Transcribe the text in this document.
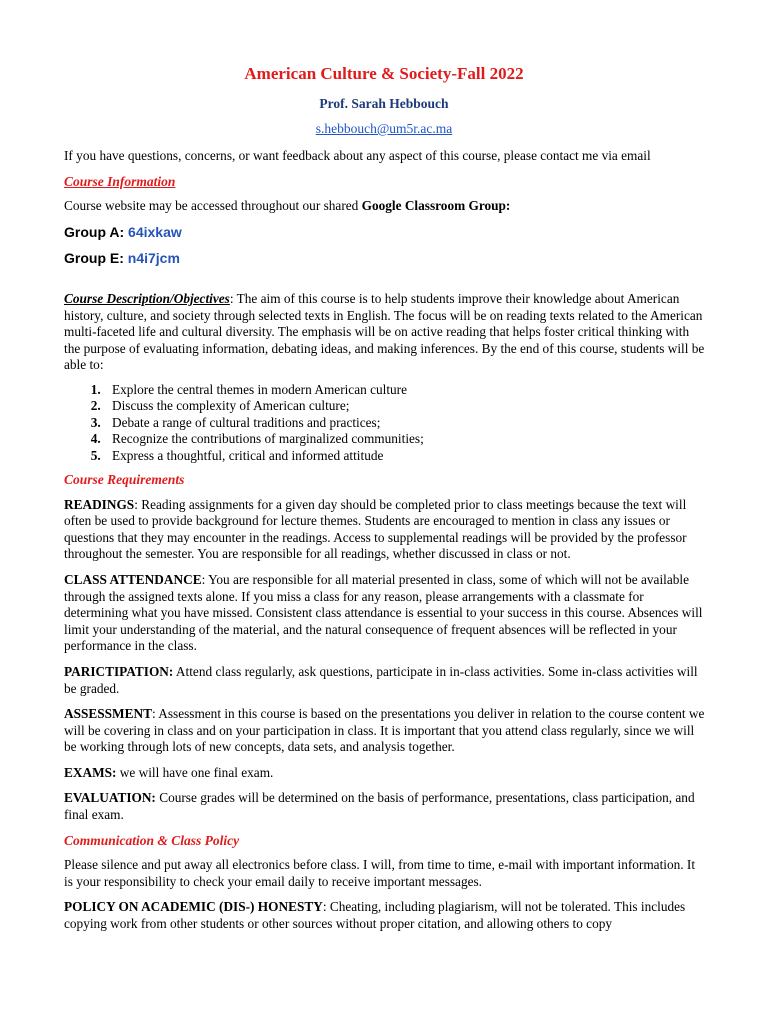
American Culture & Society-Fall 2022
Prof. Sarah Hebbouch
s.hebbouch@um5r.ac.ma

If you have questions, concerns, or want feedback about any aspect of this course, please contact me via email

Course Information

Course website may be accessed throughout our shared Google Classroom Group:

Group A: 64ixkaw
Group E: n4i7jcm

Course Description/Objectives: The aim of this course is to help students improve their knowledge about American history, culture, and society through selected texts in English. The focus will be on reading texts related to the American multi-faceted life and cultural diversity. The emphasis will be on active reading that helps foster critical thinking with the purpose of evaluating information, debating ideas, and making inferences. By the end of this course, students will be able to:

1. Explore the central themes in modern American culture
2. Discuss the complexity of American culture;
3. Debate a range of cultural traditions and practices;
4. Recognize the contributions of marginalized communities;
5. Express a thoughtful, critical and informed attitude
Course Requirements

READINGS: Reading assignments for a given day should be completed prior to class meetings because the text will often be used to provide background for lecture themes. Students are encouraged to mention in class any issues or questions that they may encounter in the readings. Access to supplemental readings will be provided by the professor throughout the semester. You are responsible for all readings, whether discussed in class or not.

CLASS ATTENDANCE: You are responsible for all material presented in class, some of which will not be available through the assigned texts alone. If you miss a class for any reason, please arrangements with a classmate for determining what you have missed. Consistent class attendance is essential to your success in this course. Absences will limit your understanding of the material, and the natural consequence of frequent absences will be reflected in your performance in the class.

PARICTIPATION: Attend class regularly, ask questions, participate in in-class activities. Some in-class activities will be graded.

ASSESSMENT: Assessment in this course is based on the presentations you deliver in relation to the course content we will be covering in class and on your participation in class. It is important that you attend class regularly, since we will be working through lots of new concepts, data sets, and analysis together.

EXAMS: we will have one final exam.

EVALUATION: Course grades will be determined on the basis of performance, presentations, class participation, and final exam.

Communication & Class Policy

Please silence and put away all electronics before class. I will, from time to time, e-mail with important information. It is your responsibility to check your email daily to receive important messages.

POLICY ON ACADEMIC (DIS-) HONESTY: Cheating, including plagiarism, will not be tolerated. This includes copying work from other students or other sources without proper citation, and allowing others to copy
